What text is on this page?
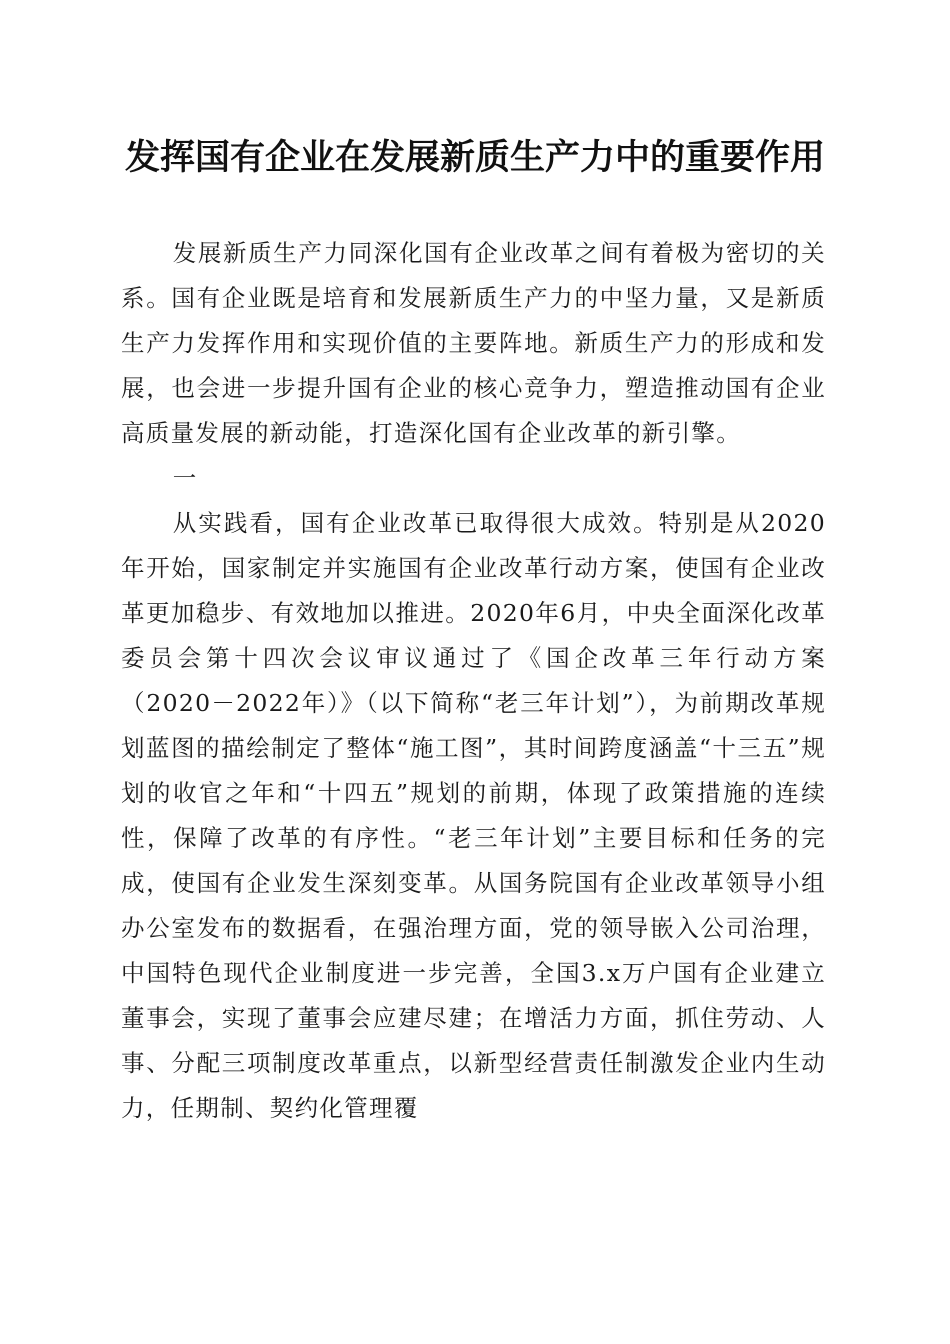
发挥国有企业在发展新质生产力中的重要作用

发展新质生产力同深化国有企业改革之间有着极为密切的关系。国有企业既是培育和发展新质生产力的中坚力量，又是新质生产力发挥作用和实现价值的主要阵地。新质生产力的形成和发展，也会进一步提升国有企业的核心竞争力，塑造推动国有企业高质量发展的新动能，打造深化国有企业改革的新引擎。

一

从实践看，国有企业改革已取得很大成效。特别是从2020年开始，国家制定并实施国有企业改革行动方案，使国有企业改革更加稳步、有效地加以推进。2020年6月，中央全面深化改革委员会第十四次会议审议通过了《国企改革三年行动方案（2020－2022年）》（以下简称“老三年计划”），为前期改革规划蓝图的描绘制定了整体“施工图”，其时间跨度涵盖“十三五”规划的收官之年和“十四五”规划的前期，体现了政策措施的连续性，保障了改革的有序性。“老三年计划”主要目标和任务的完成，使国有企业发生深刻变革。从国务院国有企业改革领导小组办公室发布的数据看，在强治理方面，党的领导嵌入公司治理，中国特色现代企业制度进一步完善，全国3.x万户国有企业建立董事会，实现了董事会应建尽建；在增活力方面，抓住劳动、人事、分配三项制度改革重点，以新型经营责任制激发企业内生动力，任期制、契约化管理覆
